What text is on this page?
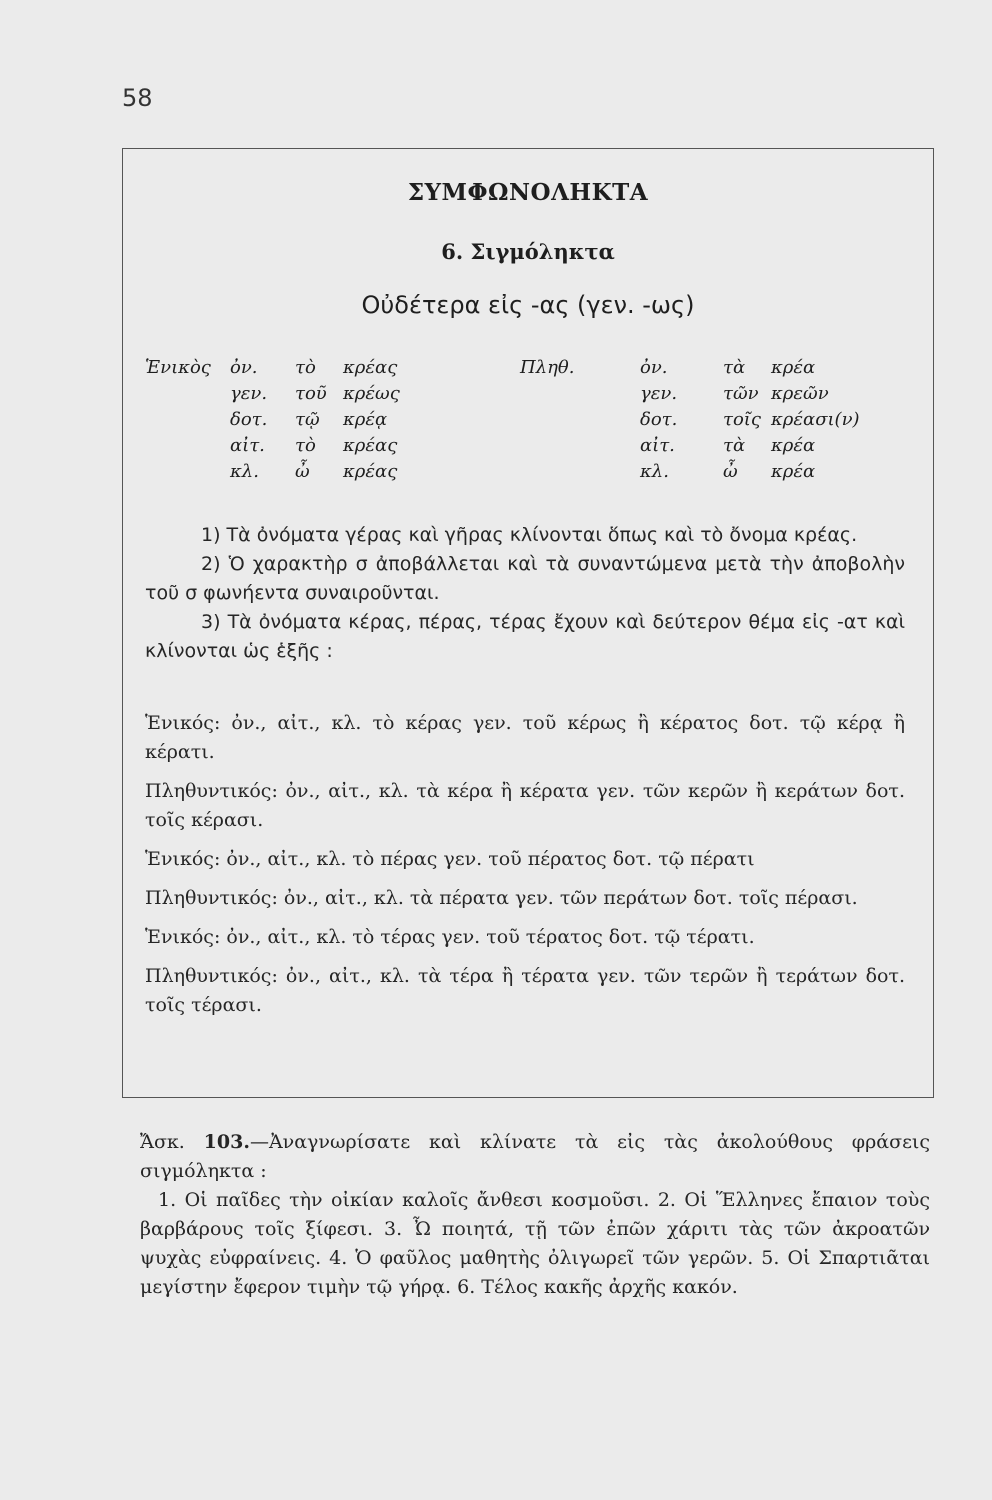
58
ΣΥΜΦΩΝΟΛΗΚΤΑ
6. Σιγμόληκτα
Οὐδέτερα εἰς -ας (γεν. -ως)
Ἑνικὸς ὀν.
γεν.
δοτ.
αἰτ.
κλ.
τὸ
τοῦ
τῷ
τὸ
ὦ
κρέας
κρέως
κρέᾳ
κρέας
κρέας
Πληθ.	ὀν.
γεν.
δοτ.
αἰτ.
κλ.
τὰ
τῶν
τοῖς
τὰ
ὦ
κρέα
κρεῶν
κρέασι(ν)
κρέα
κρέα

1) Τὰ ὀνόματα γέρας καὶ γῆρας κλίνονται ὅπως καὶ τὸ ὄνομα κρέας.

2) Ὁ χαρακτὴρ σ ἀποβάλλεται καὶ τὰ συναντώμενα μετὰ τὴν ἀποβολὴν τοῦ σ φωνήεντα συναιροῦνται.

3) Τὰ ὀνόματα κέρας, πέρας, τέρας ἔχουν καὶ δεύτερον θέμα εἰς -ατ καὶ κλίνονται ὡς ἑξῆς :

Ἑνικός: ὀν., αἰτ., κλ. τὸ κέρας γεν. τοῦ κέρως ἢ κέρατος δοτ. τῷ κέρᾳ ἢ κέρατι.

Πληθυντικός: ὀν., αἰτ., κλ. τὰ κέρα ἢ κέρατα γεν. τῶν κερῶν ἢ κεράτων δοτ. τοῖς κέρασι.

Ἑνικός: ὀν., αἰτ., κλ. τὸ πέρας γεν. τοῦ πέρατος δοτ. τῷ πέρατι

Πληθυντικός: ὀν., αἰτ., κλ. τὰ πέρατα γεν. τῶν περάτων δοτ. τοῖς πέρασι.

Ἑνικός: ὀν., αἰτ., κλ. τὸ τέρας γεν. τοῦ τέρατος δοτ. τῷ τέρατι.

Πληθυντικός: ὀν., αἰτ., κλ. τὰ τέρα ἢ τέρατα γεν. τῶν τερῶν ἢ τεράτων δοτ. τοῖς τέρασι.

Ἄσκ. 103.—Ἀναγνωρίσατε καὶ κλίνατε τὰ εἰς τὰς ἀκολούθους φράσεις σιγμόληκτα :

1. Οἱ παῖδες τὴν οἰκίαν καλοῖς ἄνθεσι κοσμοῦσι. 2. Οἱ Ἕλληνες ἔπαιον τοὺς βαρβάρους τοῖς ξίφεσι. 3. Ὦ ποιητά, τῇ τῶν ἐπῶν χάριτι τὰς τῶν ἀκροατῶν ψυχὰς εὐφραίνεις. 4. Ὁ φαῦλος μαθητὴς ὀλιγωρεῖ τῶν γερῶν. 5. Οἱ Σπαρτιᾶται μεγίστην ἔφερον τιμὴν τῷ γήρᾳ. 6. Τέλος κακῆς ἀρχῆς κακόν.
